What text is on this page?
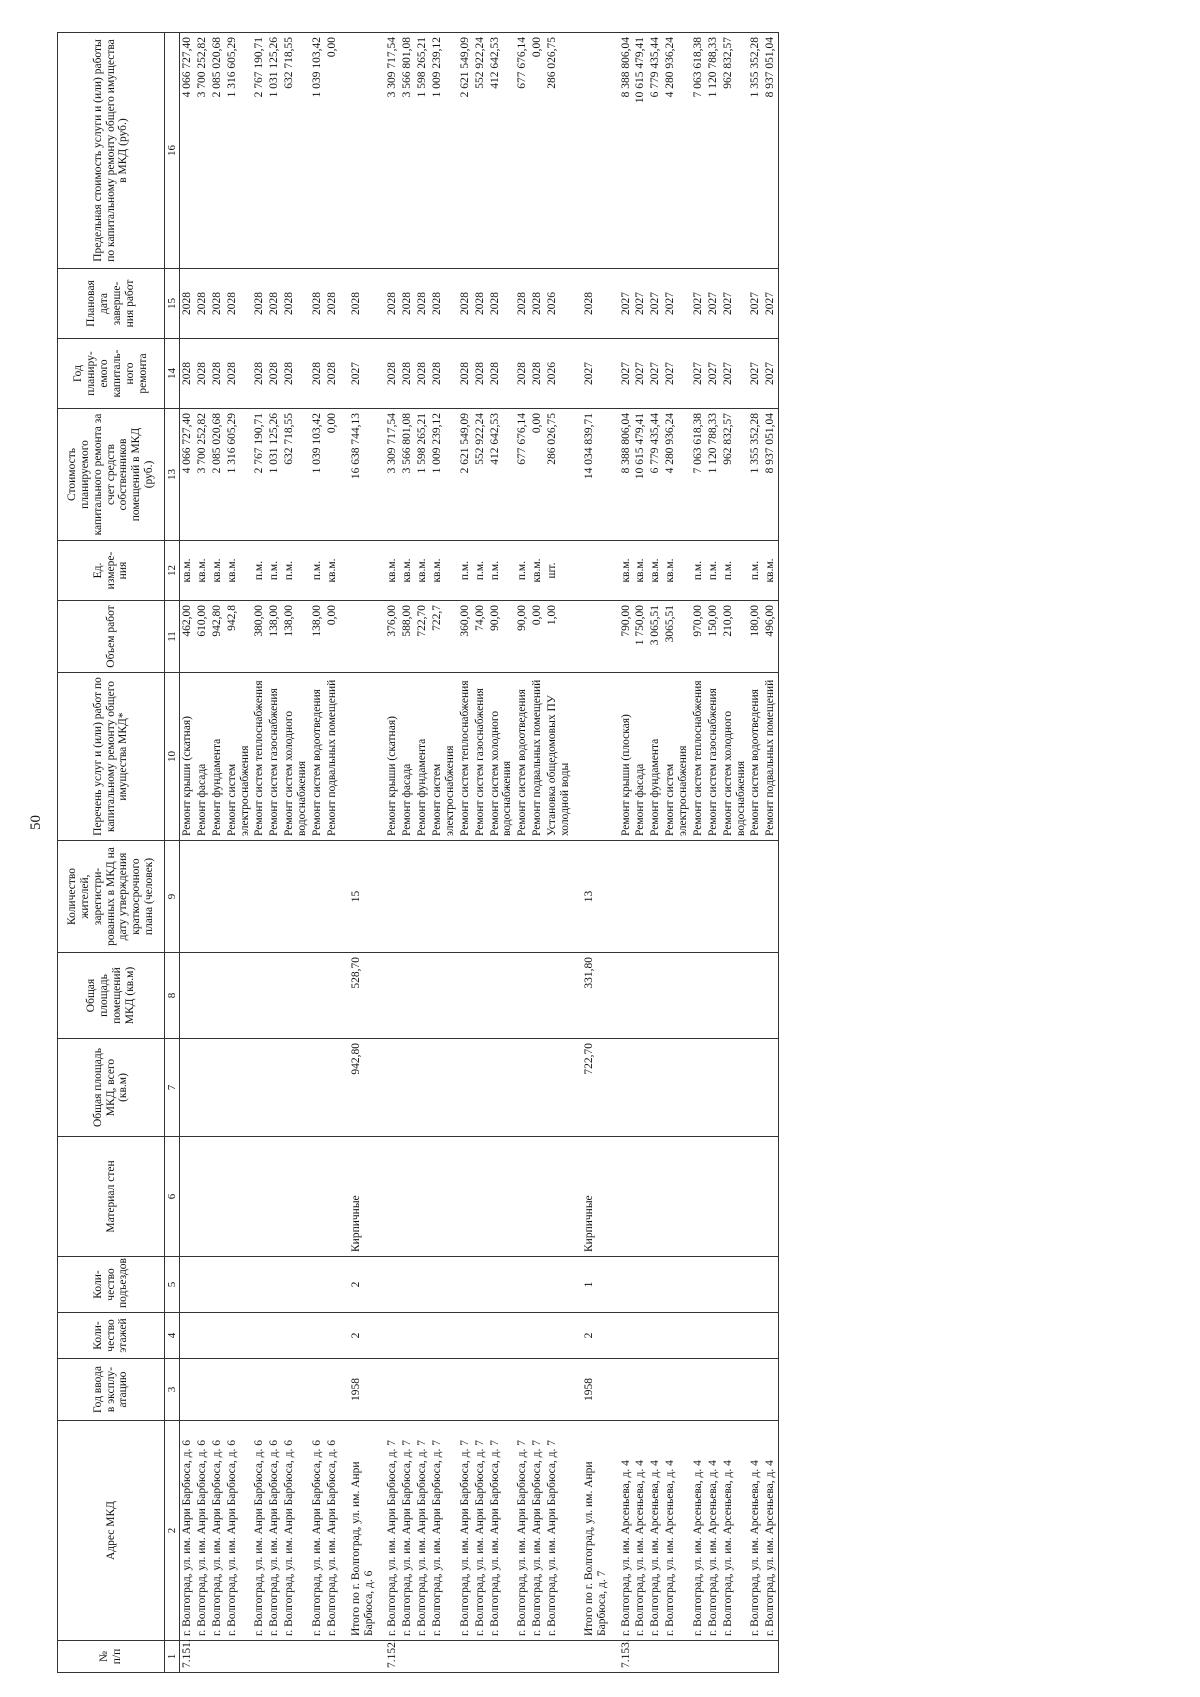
50
№ п/п	Адрес МКД	Год ввода в эксплу-атацию	Коли-чество этажей	Коли-чество подъездов	Материал стен	Общая площадь МКД, всего (кв.м)	Общая площадь помещений МКД (кв.м)	Количество жителей, зарегистри-рованных в МКД на дату утверждения краткосрочного плана (человек)	Перечень услуг и (или) работ по капитальному ремонту общего имущества МКД*	Объем работ	Ед. измере-ния	Стоимость планируемого капитального ремонта за счет средств собственников помещений в МКД (руб.)	Год планиру-емого капиталь-ного ремонта	Плановая дата заверше-ния работ	Предельная стоимость услуги и (или) работы по капитальному ремонту общего имущества в МКД (руб.)
1	2	3	4	5	6	7	8	9	10	11	12	13	14	15	16
7.151.	г. Волгоград, ул. им. Анри Барбюса, д. 6								Ремонт крыши (скатная)	462,00	кв.м.	4 066 727,40	2028	2028	4 066 727,40
	г. Волгоград, ул. им. Анри Барбюса, д. 6								Ремонт фасада	610,00	кв.м.	3 700 252,82	2028	2028	3 700 252,82
	г. Волгоград, ул. им. Анри Барбюса, д. 6								Ремонт фундамента	942,80	кв.м.	2 085 020,68	2028	2028	2 085 020,68
	г. Волгоград, ул. им. Анри Барбюса, д. 6								Ремонт систем электроснабжения	942,8	кв.м.	1 316 605,29	2028	2028	1 316 605,29
	г. Волгоград, ул. им. Анри Барбюса, д. 6								Ремонт систем теплоснабжения	380,00	п.м.	2 767 190,71	2028	2028	2 767 190,71
	г. Волгоград, ул. им. Анри Барбюса, д. 6								Ремонт систем газоснабжения	138,00	п.м.	1 031 125,26	2028	2028	1 031 125,26
	г. Волгоград, ул. им. Анри Барбюса, д. 6								Ремонт систем холодного водоснабжения	138,00	п.м.	632 718,55	2028	2028	632 718,55
	г. Волгоград, ул. им. Анри Барбюса, д. 6								Ремонт систем водоотведения	138,00	п.м.	1 039 103,42	2028	2028	1 039 103,42
	г. Волгоград, ул. им. Анри Барбюса, д. 6								Ремонт подвальных помещений	0,00	кв.м.	0,00	2028	2028	0,00
	Итого по г. Волгоград, ул. им. Анри Барбюса, д. 6	1958	2	2	Кирпичные	942,80	528,70	15				16 638 744,13	2027	2028	
7.152.	г. Волгоград, ул. им. Анри Барбюса, д. 7								Ремонт крыши (скатная)	376,00	кв.м.	3 309 717,54	2028	2028	3 309 717,54
	г. Волгоград, ул. им. Анри Барбюса, д. 7								Ремонт фасада	588,00	кв.м.	3 566 801,08	2028	2028	3 566 801,08
	г. Волгоград, ул. им. Анри Барбюса, д. 7								Ремонт фундамента	722,70	кв.м.	1 598 265,21	2028	2028	1 598 265,21
	г. Волгоград, ул. им. Анри Барбюса, д. 7								Ремонт систем электроснабжения	722,7	кв.м.	1 009 239,12	2028	2028	1 009 239,12
	г. Волгоград, ул. им. Анри Барбюса, д. 7								Ремонт систем теплоснабжения	360,00	п.м.	2 621 549,09	2028	2028	2 621 549,09
	г. Волгоград, ул. им. Анри Барбюса, д. 7								Ремонт систем газоснабжения	74,00	п.м.	552 922,24	2028	2028	552 922,24
	г. Волгоград, ул. им. Анри Барбюса, д. 7								Ремонт систем холодного водоснабжения	90,00	п.м.	412 642,53	2028	2028	412 642,53
	г. Волгоград, ул. им. Анри Барбюса, д. 7								Ремонт систем водоотведения	90,00	п.м.	677 676,14	2028	2028	677 676,14
	г. Волгоград, ул. им. Анри Барбюса, д. 7								Ремонт подвальных помещений	0,00	кв.м.	0,00	2028	2028	0,00
	г. Волгоград, ул. им. Анри Барбюса, д. 7								Установка общедомовых ПУ холодной воды	1,00	шт.	286 026,75	2026	2026	286 026,75
	Итого по г. Волгоград, ул. им. Анри Барбюса, д. 7	1958	2	1	Кирпичные	722,70	331,80	13				14 034 839,71	2027	2028	
7.153.	г. Волгоград, ул. им. Арсеньева, д. 4								Ремонт крыши (плоская)	790,00	кв.м.	8 388 806,04	2027	2027	8 388 806,04
	г. Волгоград, ул. им. Арсеньева, д. 4								Ремонт фасада	1 750,00	кв.м.	10 615 479,41	2027	2027	10 615 479,41
	г. Волгоград, ул. им. Арсеньева, д. 4								Ремонт фундамента	3 065,51	кв.м.	6 779 435,44	2027	2027	6 779 435,44
	г. Волгоград, ул. им. Арсеньева, д. 4								Ремонт систем электроснабжения	3065,51	кв.м.	4 280 936,24	2027	2027	4 280 936,24
	г. Волгоград, ул. им. Арсеньева, д. 4								Ремонт систем теплоснабжения	970,00	п.м.	7 063 618,38	2027	2027	7 063 618,38
	г. Волгоград, ул. им. Арсеньева, д. 4								Ремонт систем газоснабжения	150,00	п.м.	1 120 788,33	2027	2027	1 120 788,33
	г. Волгоград, ул. им. Арсеньева, д. 4								Ремонт систем холодного водоснабжения	210,00	п.м.	962 832,57	2027	2027	962 832,57
	г. Волгоград, ул. им. Арсеньева, д. 4								Ремонт систем водоотведения	180,00	п.м.	1 355 352,28	2027	2027	1 355 352,28
	г. Волгоград, ул. им. Арсеньева, д. 4								Ремонт подвальных помещений	496,00	кв.м.	8 937 051,04	2027	2027	8 937 051,04
